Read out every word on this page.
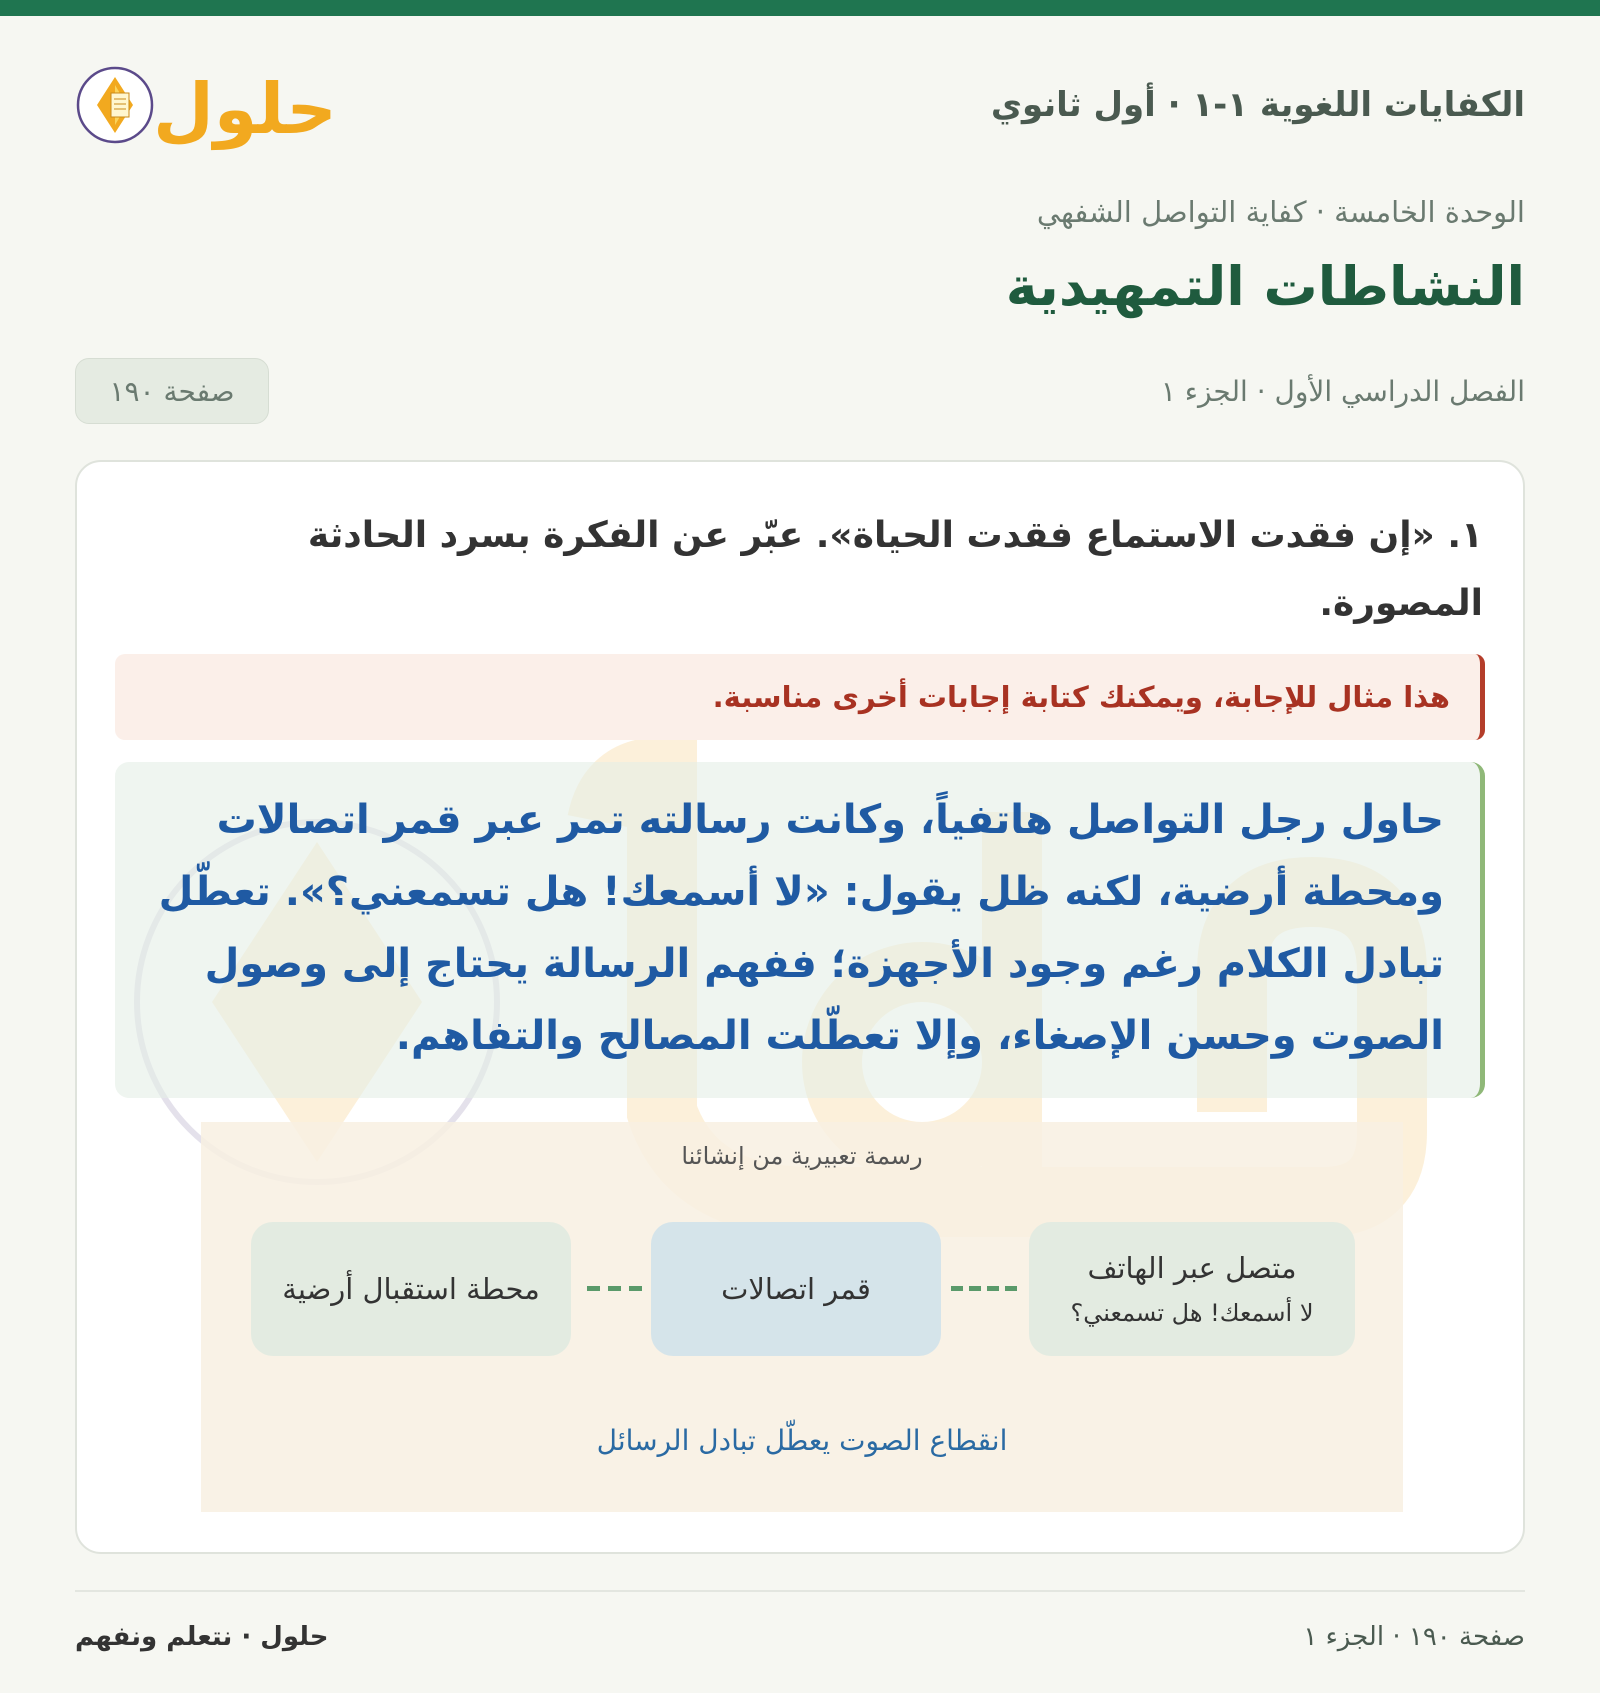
الكفايات اللغوية ١-١ · أول ثانوي
حلول
الوحدة الخامسة · كفاية التواصل الشفهي
النشاطات التمهيدية
الفصل الدراسي الأول · الجزء ١
صفحة ١٩٠
١. «إن فقدت الاستماع فقدت الحياة». عبّر عن الفكرة بسرد الحادثة المصورة.
هذا مثال للإجابة، ويمكنك كتابة إجابات أخرى مناسبة.
حاول رجل التواصل هاتفياً، وكانت رسالته تمر عبر قمر اتصالات ومحطة أرضية، لكنه ظل يقول: «لا أسمعك! هل تسمعني؟». تعطّل تبادل الكلام رغم وجود الأجهزة؛ ففهم الرسالة يحتاج إلى وصول الصوت وحسن الإصغاء، وإلا تعطّلت المصالح والتفاهم.
رسمة تعبيرية من إنشائنا
متصل عبر الهاتف
لا أسمعك! هل تسمعني؟
قمر اتصالات
محطة استقبال أرضية
انقطاع الصوت يعطّل تبادل الرسائل
صفحة ١٩٠ · الجزء ١
حلول · نتعلم ونفهم
